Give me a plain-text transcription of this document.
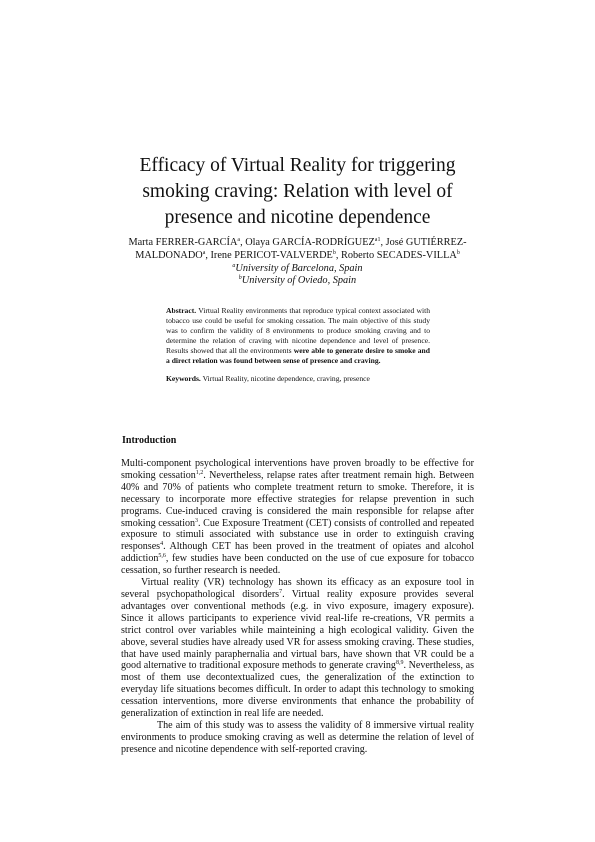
Efficacy of Virtual Reality for triggering
smoking craving: Relation with level of
presence and nicotine dependence

Marta FERRER-GARCÍA$^a$, Olaya GARCÍA-$RODRÍGUEZ^{a1}$, José GUTIÉRREZ-MALDONADO$^a$, Irene PERICOT-VALVERDE$^b$, Roberto SECADES-VILLA$^b$

$^a$University of Barcelona, Spain

$^b$University of Oviedo, Spain

Abstract. Virtual Reality environments that reproduce typical context associated with tobacco use could be useful for smoking cessation. The main objective of this study was to confirm the validity of 8 environments to produce smoking craving and to determine the relation of craving with nicotine dependence and level of presence. Results showed that all the environments were able to generate desire to smoke and a direct relation was found between sense of presence and craving.

Keywords. Virtual Reality, nicotine dependence, craving, presence

Introduction

Multi-component psychological interventions have proven broadly to be effective for smoking cessation$^{1,2}$. Nevertheless, relapse rates after treatment remain high. Between 40% and 70% of patients who complete treatment return to smoke. Therefore, it is necessary to incorporate more effective strategies for relapse prevention in such programs. Cue-induced craving is considered the main responsible for relapse after smoking cessation$^3$. Cue Exposure Treatment (CET) consists of controlled and repeated exposure to stimuli associated with substance use in order to extinguish craving responses$^4$. Although CET has been proved in the treatment of opiates and alcohol addiction$^{5,6}$, few studies have been conducted on the use of cue exposure for tobacco cessation, so further research is needed.

Virtual reality (VR) technology has shown its efficacy as an exposure tool in several psychopathological disorders$^7$. Virtual reality exposure provides several advantages over conventional methods (e.g. in vivo exposure, imagery exposure). Since it allows participants to experience vivid real-life re-creations, VR permits a strict control over variables while mainteining a high ecological validity. Given the above, several studies have already used VR for assess smoking craving. These studies, that have used mainly paraphernalia and virtual bars, have shown that VR could be a good alternative to traditional exposure methods to generate craving$^{8,9}$. Nevertheless, as most of them use decontextualized cues, the generalization of the extinction to everyday life situations becomes difficult. In order to adapt this technology to smoking cessation interventions, more diverse environments that enhance the probability of generalization of extinction in real life are needed.

The aim of this study was to assess the validity of 8 immersive virtual reality environments to produce smoking craving as well as determine the relation of level of presence and nicotine dependence with self-reported craving.
